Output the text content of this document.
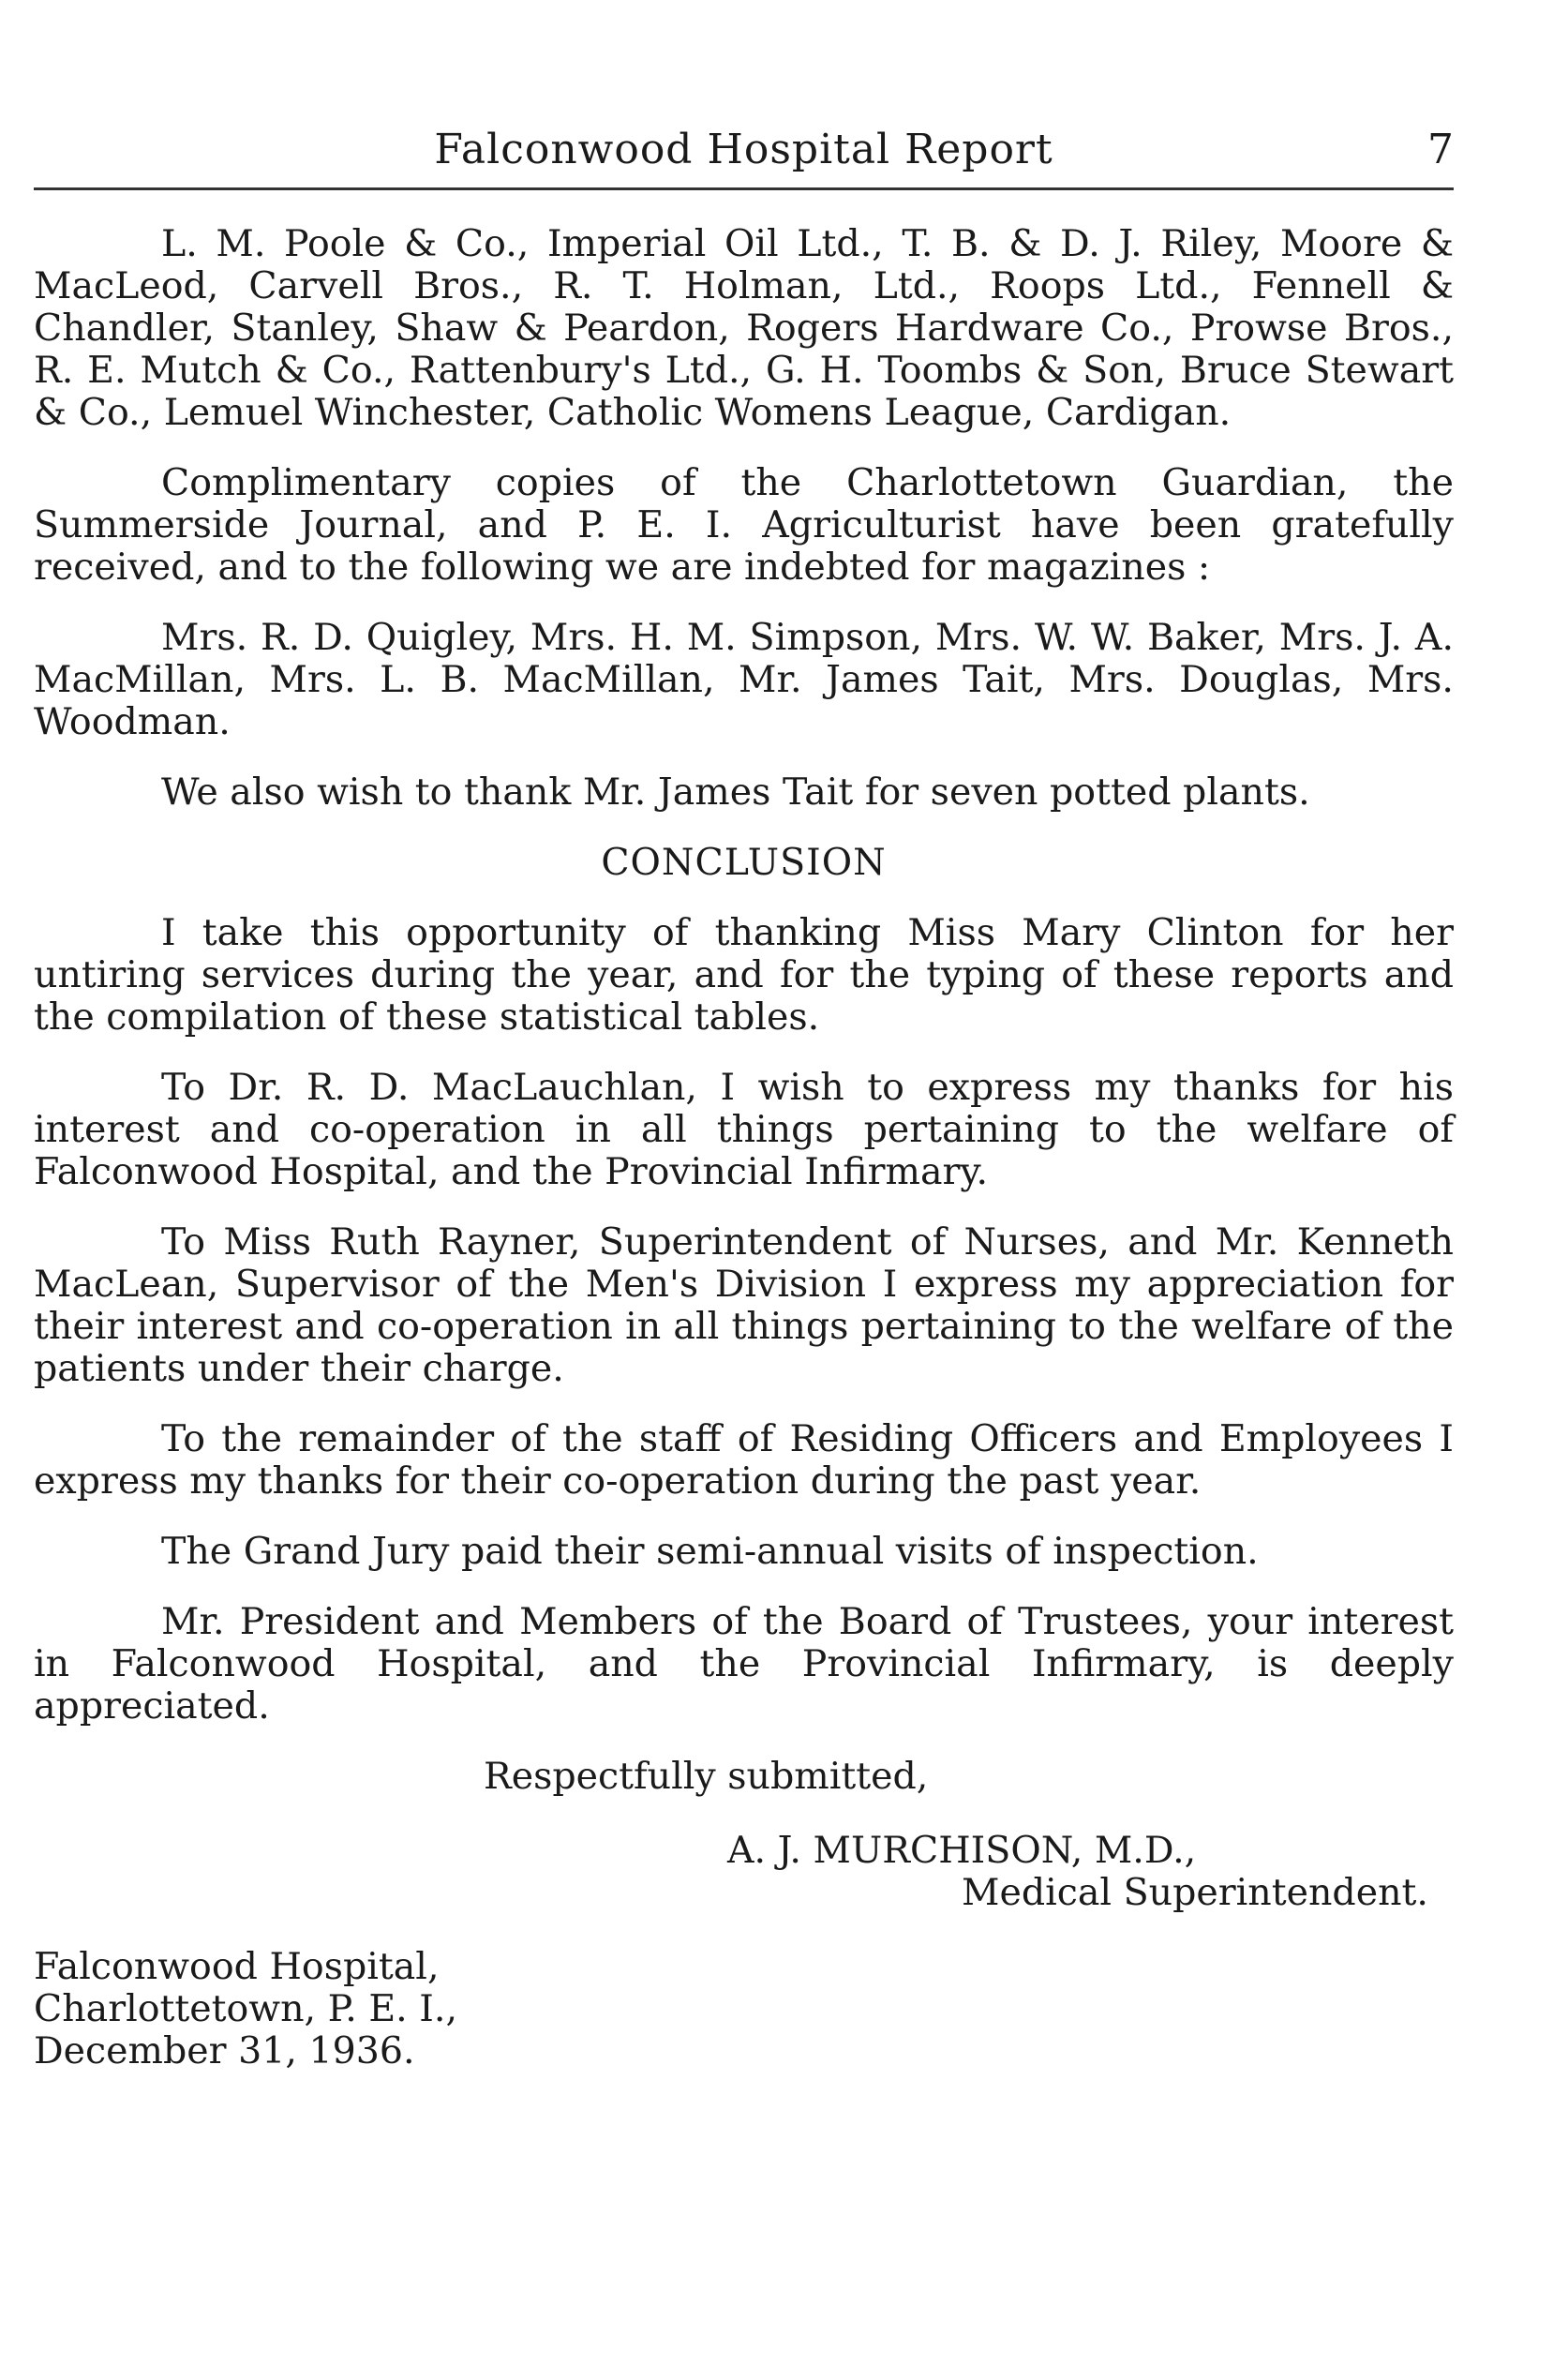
Falconwood Hospital Report	7

L. M. Poole & Co., Imperial Oil Ltd., T. B. & D. J. Riley, Moore & MacLeod, Carvell Bros., R. T. Holman, Ltd., Roops Ltd., Fennell & Chandler, Stanley, Shaw & Peardon, Rogers Hardware Co., Prowse Bros., R. E. Mutch & Co., Rattenbury's Ltd., G. H. Toombs & Son, Bruce Stewart & Co., Lemuel Winchester, Catholic Womens League, Cardigan.

Complimentary copies of the Charlottetown Guardian, the Summerside Journal, and P. E. I. Agriculturist have been gratefully received, and to the following we are indebted for magazines :

Mrs. R. D. Quigley, Mrs. H. M. Simpson, Mrs. W. W. Baker, Mrs. J. A. MacMillan, Mrs. L. B. MacMillan, Mr. James Tait, Mrs. Douglas, Mrs. Woodman.

We also wish to thank Mr. James Tait for seven potted plants.

CONCLUSION

I take this opportunity of thanking Miss Mary Clinton for her untiring services during the year, and for the typing of these reports and the compilation of these statistical tables.

To Dr. R. D. MacLauchlan, I wish to express my thanks for his interest and co-operation in all things pertaining to the welfare of Falconwood Hospital, and the Provincial Infirmary.

To Miss Ruth Rayner, Superintendent of Nurses, and Mr. Kenneth MacLean, Supervisor of the Men's Division I express my appreciation for their interest and co-operation in all things pertaining to the welfare of the patients under their charge.

To the remainder of the staff of Residing Officers and Employees I express my thanks for their co-operation during the past year.

The Grand Jury paid their semi-annual visits of inspection.

Mr. President and Members of the Board of Trustees, your interest in Falconwood Hospital, and the Provincial Infirmary, is deeply appreciated.

Respectfully submitted,

A. J. MURCHISON, M.D.,

Medical Superintendent.

Falconwood Hospital,

Charlottetown, P. E. I.,

December 31, 1936.
